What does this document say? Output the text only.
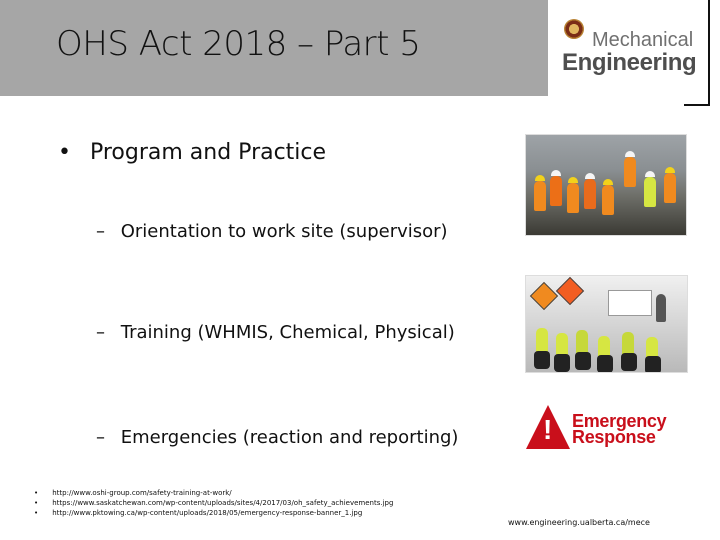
OHS Act 2018 – Part 5	Mechanical
Engineering
• Program and Practice
– Orientation to work site (supervisor)
– Training (WHMIS, Chemical, Physical)
– Emergencies (reaction and reporting)	! Emergency
Response
• http://www.oshi-group.com/safety-training-at-work/
• https://www.saskatchewan.com/wp-content/uploads/sites/4/2017/03/oh_safety_achievements.jpg
• http://www.pktowing.ca/wp-content/uploads/2018/05/emergency-response-banner_1.jpg
www.engineering.ualberta.ca/mece
